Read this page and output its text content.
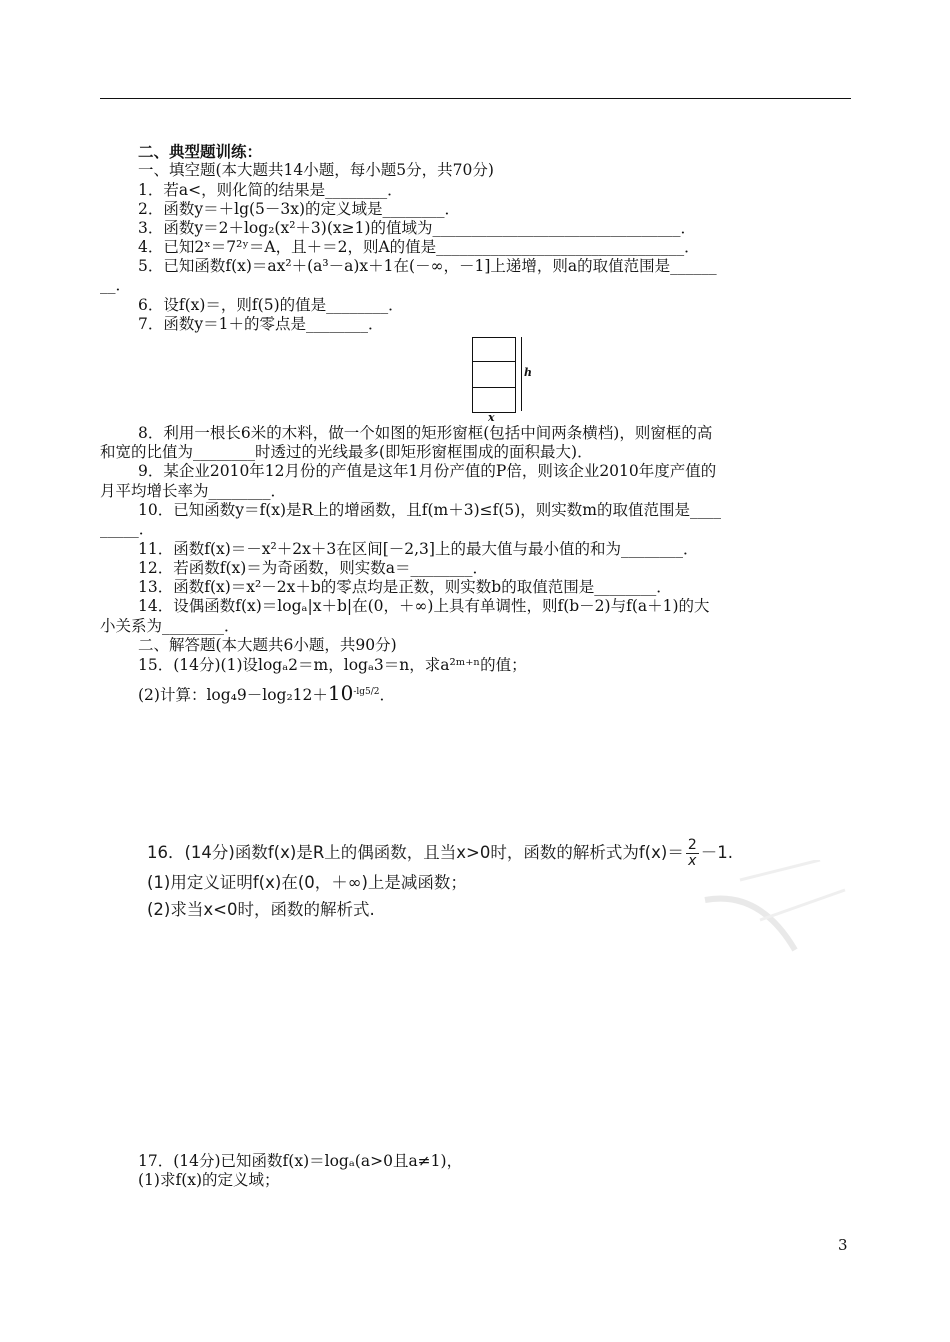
二、典型题训练：
一、填空题(本大题共14小题，每小题5分，共70分)
1．若a<，则化简的结果是________．
2．函数y＝＋lg(5－3x)的定义域是________．
3．函数y＝2＋log₂(x²＋3)(x≥1)的值域为________________________________．
4．已知2ˣ＝7²ʸ＝A，且＋＝2，则A的值是________________________________．
5．已知函数f(x)＝ax²＋(a³－a)x＋1在(－∞，－1]上递增，则a的取值范围是______
__．
6．设f(x)＝，则f(5)的值是________．
7．函数y＝1＋的零点是________．
h
x
8．利用一根长6米的木料，做一个如图的矩形窗框(包括中间两条横档)，则窗框的高
和宽的比值为________时透过的光线最多(即矩形窗框围成的面积最大)．
9．某企业2010年12月份的产值是这年1月份产值的P倍，则该企业2010年度产值的
月平均增长率为________．
10．已知函数y＝f(x)是R上的增函数，且f(m＋3)≤f(5)，则实数m的取值范围是____
_____．
11．函数f(x)＝－x²＋2x＋3在区间[－2,3]上的最大值与最小值的和为________．
12．若函数f(x)＝为奇函数，则实数a＝________．
13．函数f(x)＝x²－2x＋b的零点均是正数，则实数b的取值范围是________．
14．设偶函数f(x)＝logₐ|x＋b|在(0，＋∞)上具有单调性，则f(b－2)与f(a＋1)的大
小关系为________．
二、解答题(本大题共6小题，共90分)
15．(14分)(1)设logₐ2＝m，logₐ3＝n，求a²ᵐ⁺ⁿ的值；
(2)计算：log₄9－log₂12＋10-lg5/2．
16．(14分)函数f(x)是R上的偶函数，且当x>0时，函数的解析式为$f(x)= \frac{2}{x} -1$.
(1)用定义证明f(x)在(0，＋∞)上是减函数；
(2)求当x<0时，函数的解析式.
17．(14分)已知函数f(x)＝logₐ(a>0且a≠1)，
(1)求f(x)的定义域；
3
